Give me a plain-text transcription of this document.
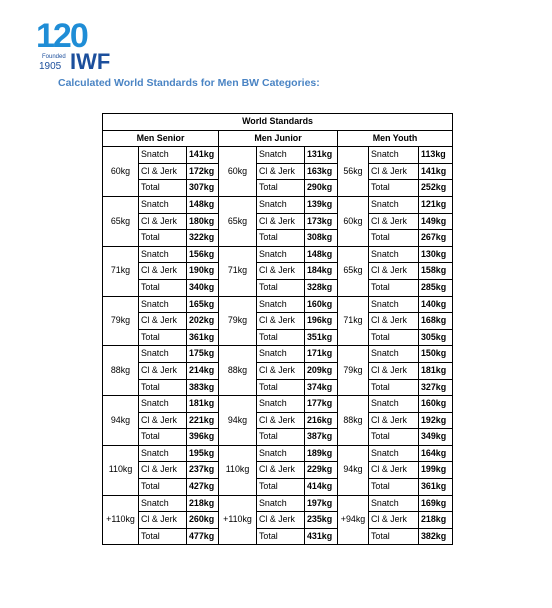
120
Founded
1905 IWF
Calculated World Standards for Men BW Categories:
World Standards								
Men Senior			Men Junior			Men Youth		
60kg	Snatch	141kg	60kg	Snatch	131kg	56kg	Snatch	113kg
	Cl & Jerk	172kg		Cl & Jerk	163kg		Cl & Jerk	141kg
	Total	307kg		Total	290kg		Total	252kg
65kg	Snatch	148kg	65kg	Snatch	139kg	60kg	Snatch	121kg
	Cl & Jerk	180kg		Cl & Jerk	173kg		Cl & Jerk	149kg
	Total	322kg		Total	308kg		Total	267kg
71kg	Snatch	156kg	71kg	Snatch	148kg	65kg	Snatch	130kg
	Cl & Jerk	190kg		Cl & Jerk	184kg		Cl & Jerk	158kg
	Total	340kg		Total	328kg		Total	285kg
79kg	Snatch	165kg	79kg	Snatch	160kg	71kg	Snatch	140kg
	Cl & Jerk	202kg		Cl & Jerk	196kg		Cl & Jerk	168kg
	Total	361kg		Total	351kg		Total	305kg
88kg	Snatch	175kg	88kg	Snatch	171kg	79kg	Snatch	150kg
	Cl & Jerk	214kg		Cl & Jerk	209kg		Cl & Jerk	181kg
	Total	383kg		Total	374kg		Total	327kg
94kg	Snatch	181kg	94kg	Snatch	177kg	88kg	Snatch	160kg
	Cl & Jerk	221kg		Cl & Jerk	216kg		Cl & Jerk	192kg
	Total	396kg		Total	387kg		Total	349kg
110kg	Snatch	195kg	110kg	Snatch	189kg	94kg	Snatch	164kg
	Cl & Jerk	237kg		Cl & Jerk	229kg		Cl & Jerk	199kg
	Total	427kg		Total	414kg		Total	361kg
+110kg	Snatch	218kg	+110kg	Snatch	197kg	+94kg	Snatch	169kg
	Cl & Jerk	260kg		Cl & Jerk	235kg		Cl & Jerk	218kg
	Total	477kg		Total	431kg		Total	382kg
